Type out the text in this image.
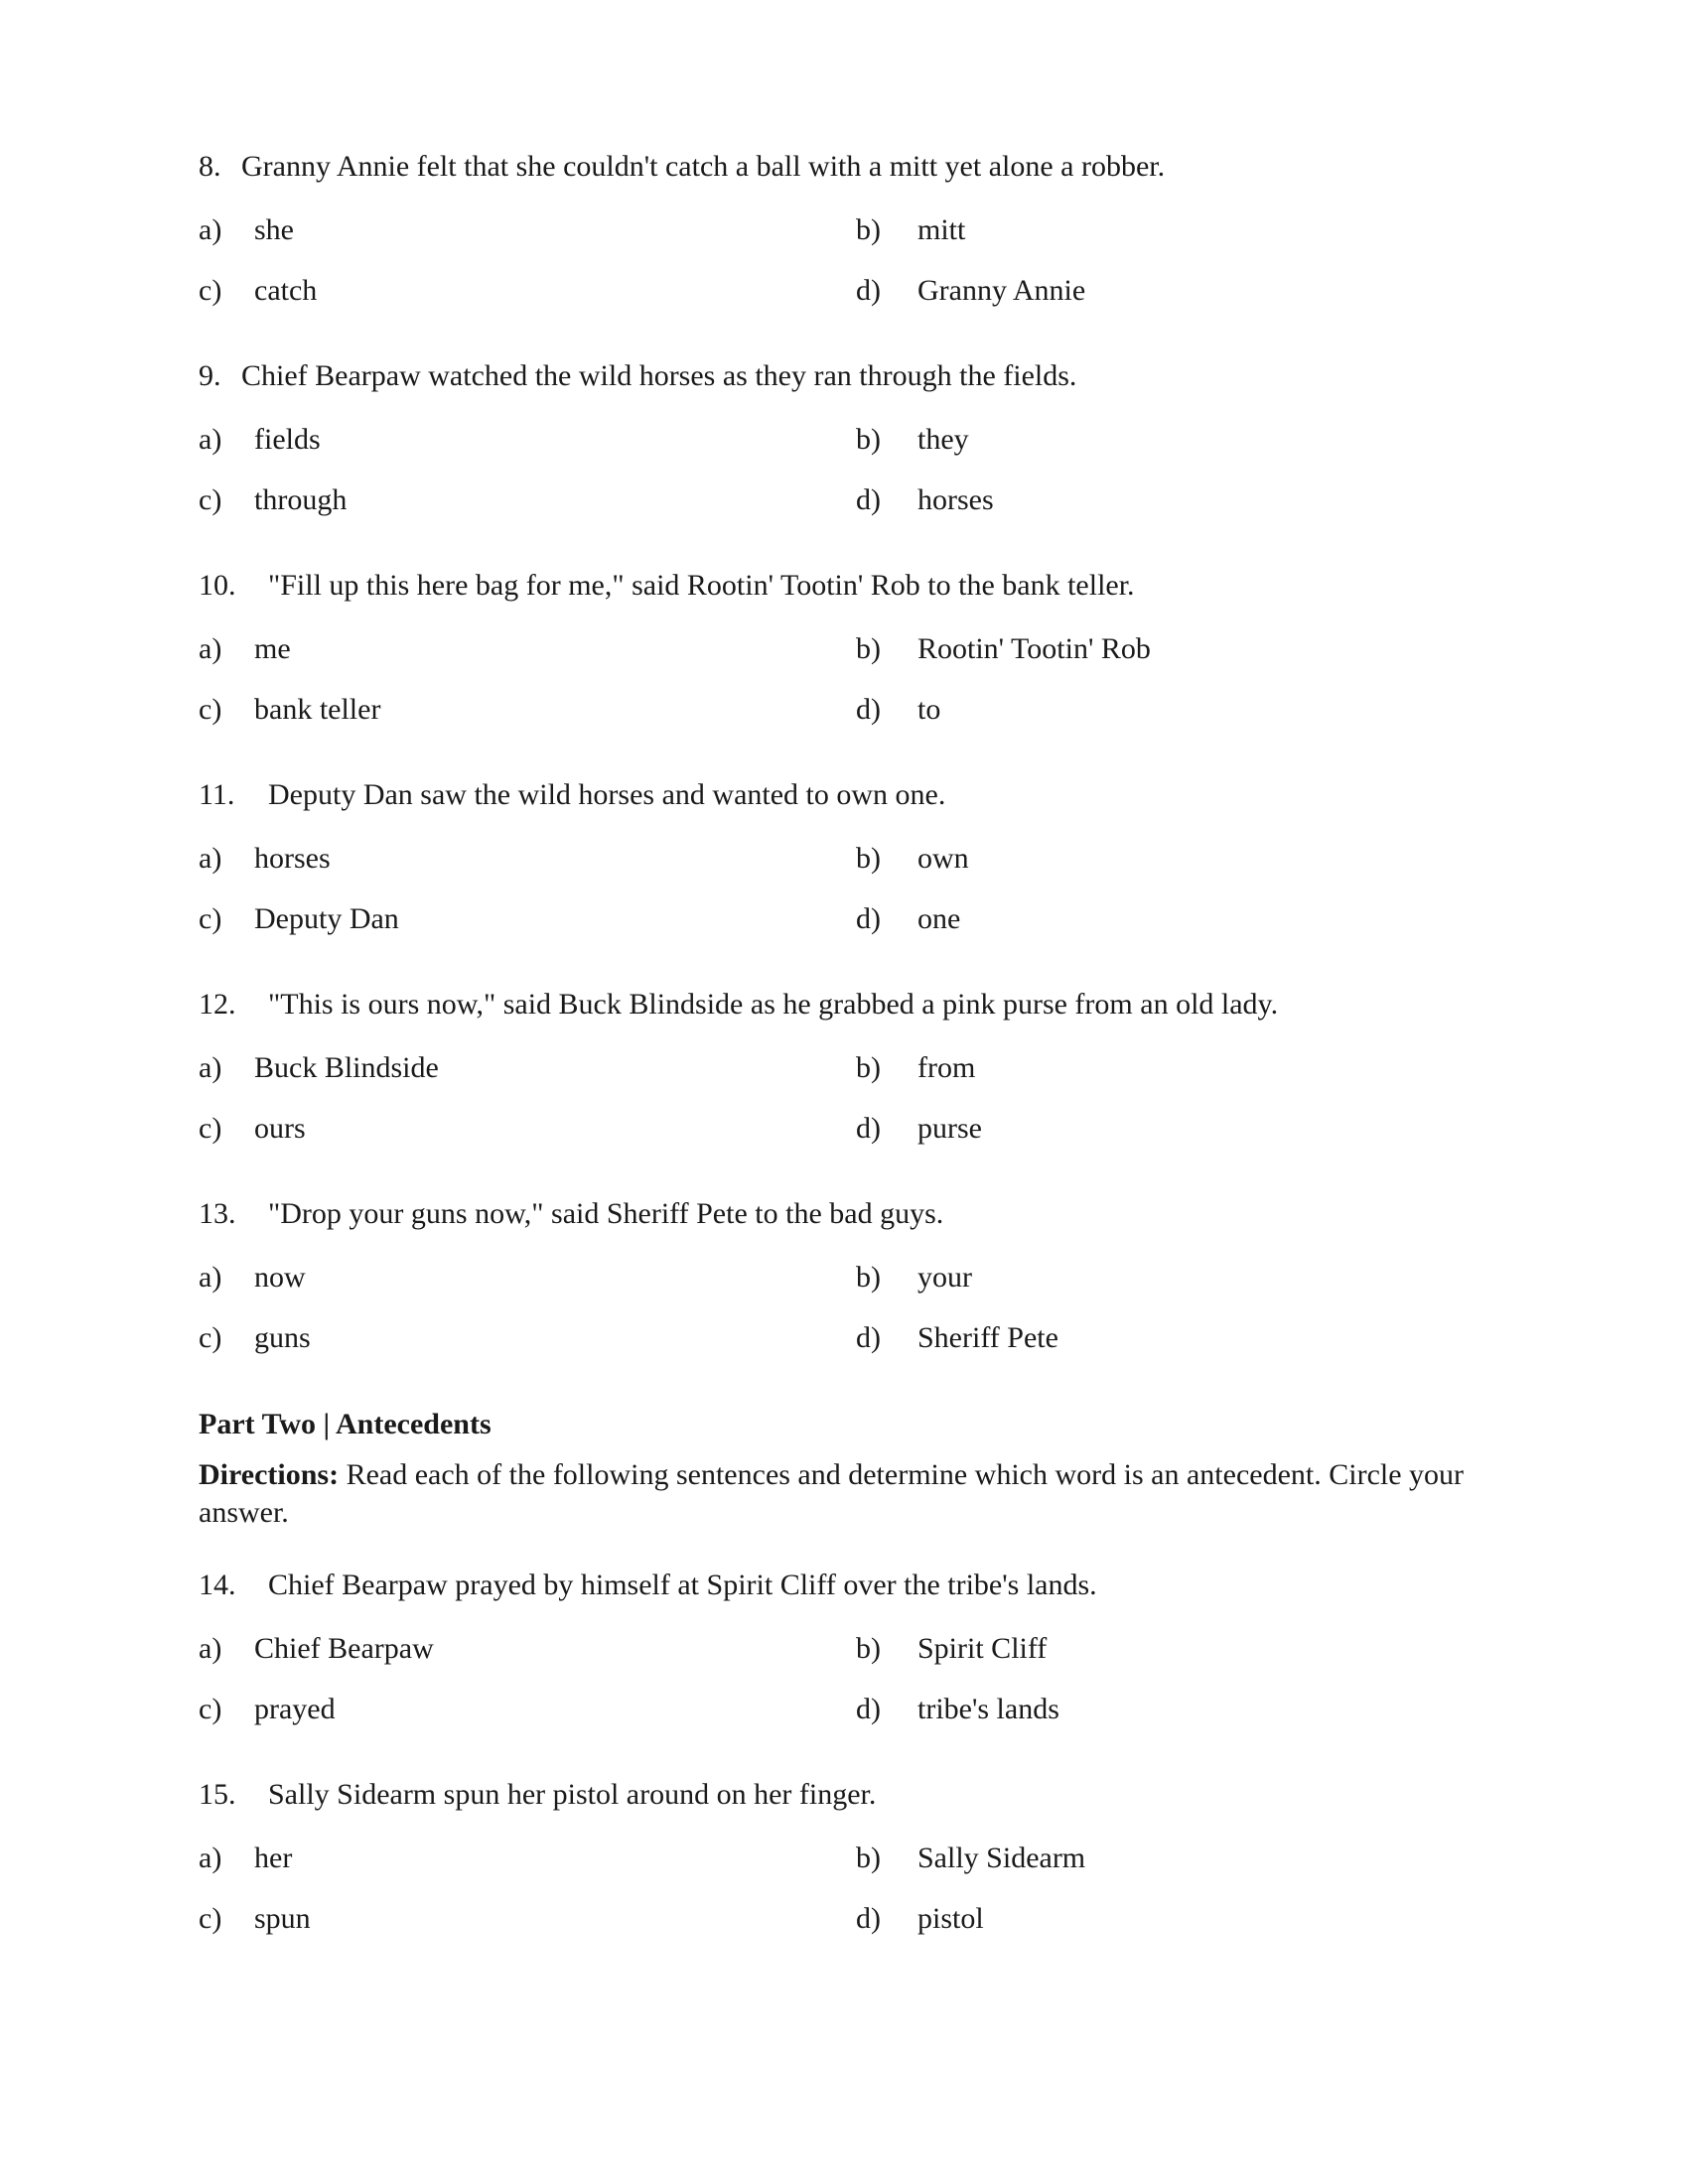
8. Granny Annie felt that she couldn't catch a ball with a mitt yet alone a robber.
a)	she	b)	mitt
c)	catch	d)	Granny Annie
9. Chief Bearpaw watched the wild horses as they ran through the fields.
a)	fields	b)	they
c)	through	d)	horses
10.	"Fill up this here bag for me," said Rootin' Tootin' Rob to the bank teller.
a)	me	b)	Rootin' Tootin' Rob
c)	bank teller	d)	to
11.	Deputy Dan saw the wild horses and wanted to own one.
a)	horses	b)	own
c)	Deputy Dan	d)	one
12.	"This is ours now," said Buck Blindside as he grabbed a pink purse from an old lady.
a)	Buck Blindside	b)	from
c)	ours	d)	purse
13.	"Drop your guns now," said Sheriff Pete to the bad guys.
a)	now	b)	your
c)	guns	d)	Sheriff Pete
Part Two | Antecedents
Directions: Read each of the following sentences and determine which word is an antecedent. Circle your answer.
14.	Chief Bearpaw prayed by himself at Spirit Cliff over the tribe's lands.
a)	Chief Bearpaw	b)	Spirit Cliff
c)	prayed	d)	tribe's lands
15.	Sally Sidearm spun her pistol around on her finger.
a)	her	b)	Sally Sidearm
c)	spun	d)	pistol
